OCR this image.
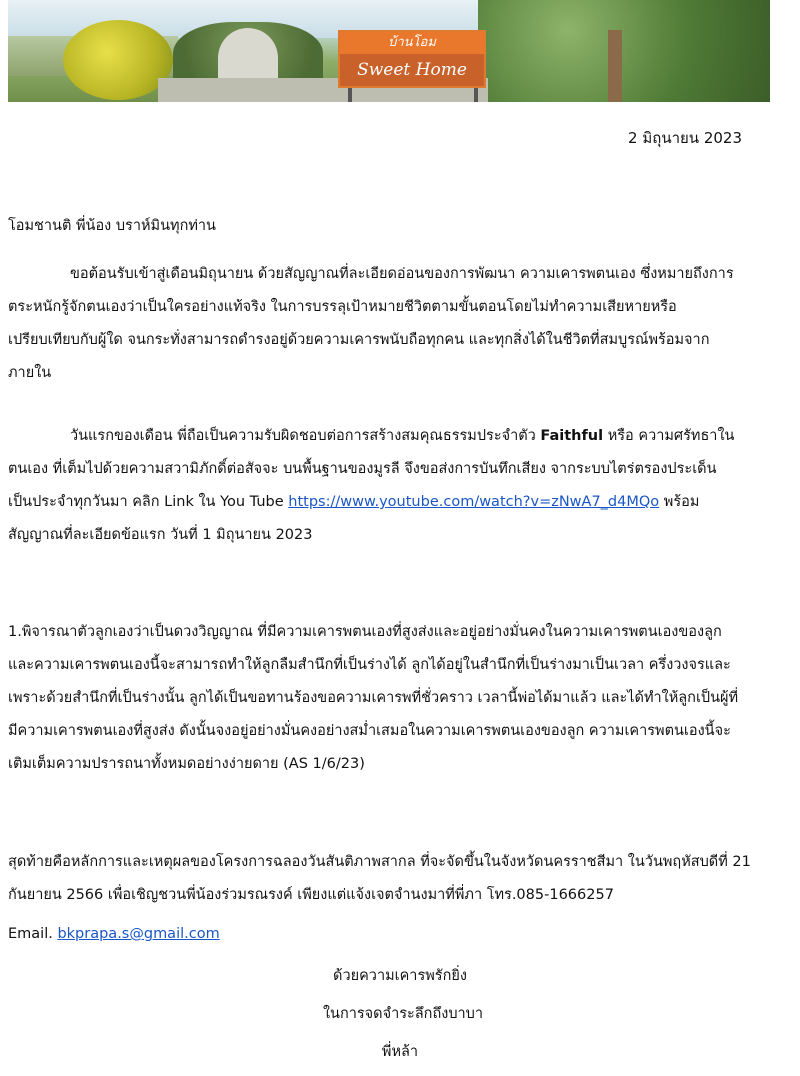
บ้านโอม
Sweet Home
2 มิถุนายน 2023
โอมชานติ พี่น้อง บราห์มินทุกท่าน
ขอต้อนรับเข้าสู่เดือนมิถุนายน ด้วยสัญญาณที่ละเอียดอ่อนของการพัฒนา ความเคารพตนเอง ซึ่งหมายถึงการ
ตระหนักรู้จักตนเองว่าเป็นใครอย่างแท้จริง ในการบรรลุเป้าหมายชีวิตตามขั้นตอนโดยไม่ทำความเสียหายหรือ
เปรียบเทียบกับผู้ใด จนกระทั่งสามารถดำรงอยู่ด้วยความเคารพนับถือทุกคน และทุกสิ่งได้ในชีวิตที่สมบูรณ์พร้อมจาก
ภายใน
วันแรกของเดือน พี่ถือเป็นความรับผิดชอบต่อการสร้างสมคุณธรรมประจำตัว Faithful หรือ ความศรัทธาใน
ตนเอง ที่เต็มไปด้วยความสวามิภักดิ์ต่อสัจจะ บนพื้นฐานของมูรลี จึงขอส่งการบันทึกเสียง จากระบบไตร่ตรองประเด็น
เป็นประจำทุกวันมา คลิก Link ใน You Tube https://www.youtube.com/watch?v=zNwA7_d4MQo พร้อม
สัญญาณที่ละเอียดข้อแรก วันที่ 1 มิถุนายน 2023
1.พิจารณาตัวลูกเองว่าเป็นดวงวิญญาณ ที่มีความเคารพตนเองที่สูงส่งและอยู่อย่างมั่นคงในความเคารพตนเองของลูก
และความเคารพตนเองนี้จะสามารถทำให้ลูกลืมสำนึกที่เป็นร่างได้ ลูกได้อยู่ในสำนึกที่เป็นร่างมาเป็นเวลา ครึ่งวงจรและ
เพราะด้วยสำนึกที่เป็นร่างนั้น ลูกได้เป็นขอทานร้องขอความเคารพที่ชั่วคราว เวลานี้พ่อได้มาแล้ว และได้ทำให้ลูกเป็นผู้ที่
มีความเคารพตนเองที่สูงส่ง ดังนั้นจงอยู่อย่างมั่นคงอย่างสม่ำเสมอในความเคารพตนเองของลูก ความเคารพตนเองนี้จะ
เติมเต็มความปรารถนาทั้งหมดอย่างง่ายดาย (AS 1/6/23)
สุดท้ายคือหลักการและเหตุผลของโครงการฉลองวันสันติภาพสากล ที่จะจัดขึ้นในจังหวัดนครราชสีมา ในวันพฤหัสบดีที่ 21
กันยายน 2566 เพื่อเชิญชวนพี่น้องร่วมรณรงค์ เพียงแต่แจ้งเจตจำนงมาที่พี่ภา โทร.085-1666257
Email. bkprapa.s@gmail.com
ด้วยความเคารพรักยิ่ง
ในการจดจำระลึกถึงบาบา
พี่หล้า
